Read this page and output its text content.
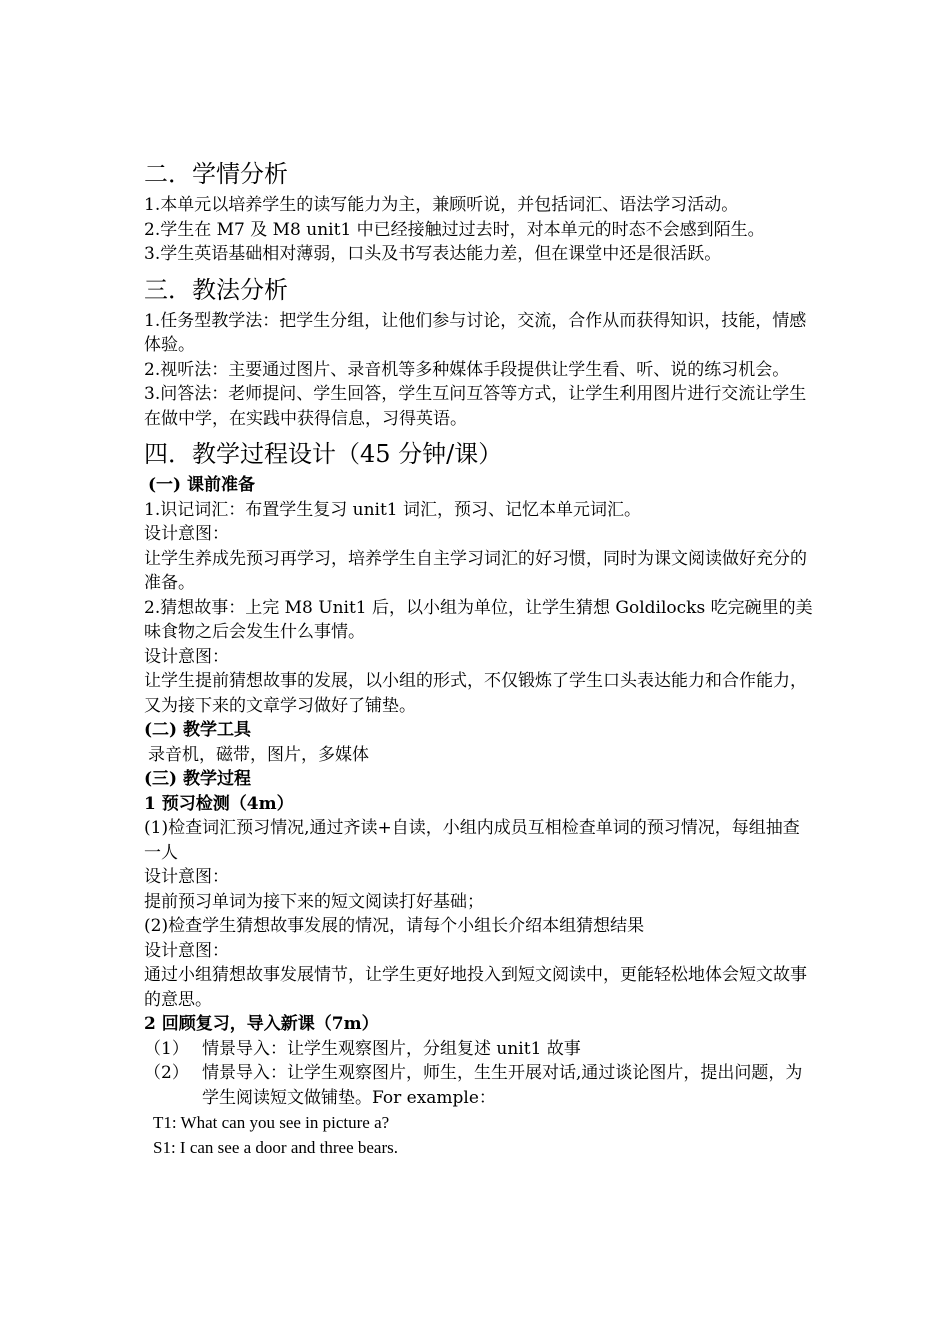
二．学情分析

1.本单元以培养学生的读写能力为主，兼顾听说，并包括词汇、语法学习活动。

2.学生在 M7 及 M8 unit1 中已经接触过过去时，对本单元的时态不会感到陌生。

3.学生英语基础相对薄弱，口头及书写表达能力差，但在课堂中还是很活跃。

三．教法分析

1.任务型教学法：把学生分组，让他们参与讨论，交流，合作从而获得知识，技能，情感体验。

2.视听法：主要通过图片、录音机等多种媒体手段提供让学生看、听、说的练习机会。

3.问答法：老师提问、学生回答，学生互问互答等方式，让学生利用图片进行交流让学生在做中学，在实践中获得信息，习得英语。

四．教学过程设计（45 分钟/课）

(一) 课前准备

1.识记词汇：布置学生复习 unit1 词汇，预习、记忆本单元词汇。

设计意图：

让学生养成先预习再学习，培养学生自主学习词汇的好习惯，同时为课文阅读做好充分的准备。

2.猜想故事：上完 M8 Unit1 后，以小组为单位，让学生猜想 Goldilocks 吃完碗里的美味食物之后会发生什么事情。

设计意图：

让学生提前猜想故事的发展，以小组的形式，不仅锻炼了学生口头表达能力和合作能力，又为接下来的文章学习做好了铺垫。

(二) 教学工具

录音机，磁带，图片，多媒体

(三) 教学过程

1 预习检测（4m）

(1)检查词汇预习情况,通过齐读+自读，小组内成员互相检查单词的预习情况，每组抽查一人

设计意图：

提前预习单词为接下来的短文阅读打好基础；

(2)检查学生猜想故事发展的情况，请每个小组长介绍本组猜想结果

设计意图：

通过小组猜想故事发展情节，让学生更好地投入到短文阅读中，更能轻松地体会短文故事的意思。

2 回顾复习，导入新课（7m）

（1） 情景导入：让学生观察图片，分组复述 unit1 故事
（2） 情景导入：让学生观察图片，师生，生生开展对话,通过谈论图片，提出问题，为学生阅读短文做铺垫。For example：

T1: What can you see in picture a?

S1: I can see a door and three bears.
